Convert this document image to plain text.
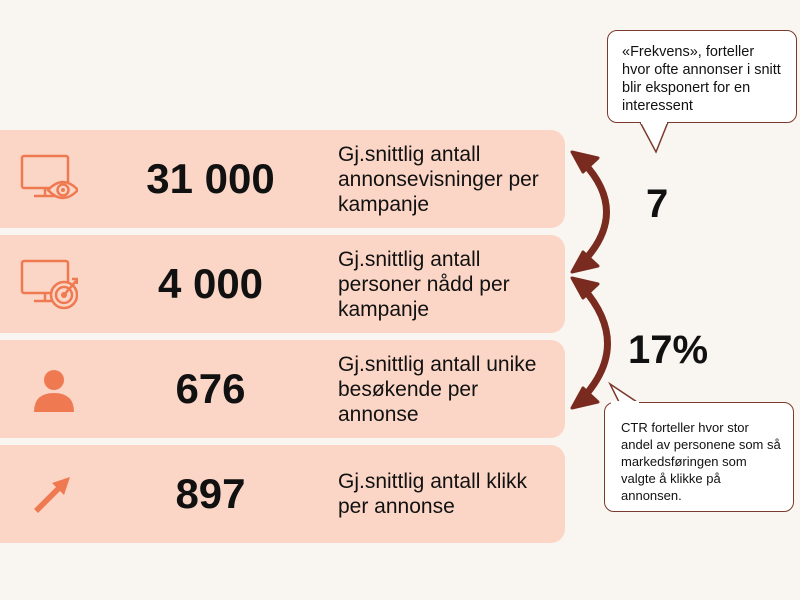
31 000
Gj.snittlig antall annonsevisninger per kampanje
4 000
Gj.snittlig antall personer nådd per kampanje
676
Gj.snittlig antall unike besøkende per annonse
897	Gj.snittlig antall klikk per annonse
7
17%
«Frekvens», forteller hvor ofte annonser i snitt blir eksponert for en interessent
CTR forteller hvor stor andel av personene som så markedsføringen som valgte å klikke på annonsen.
